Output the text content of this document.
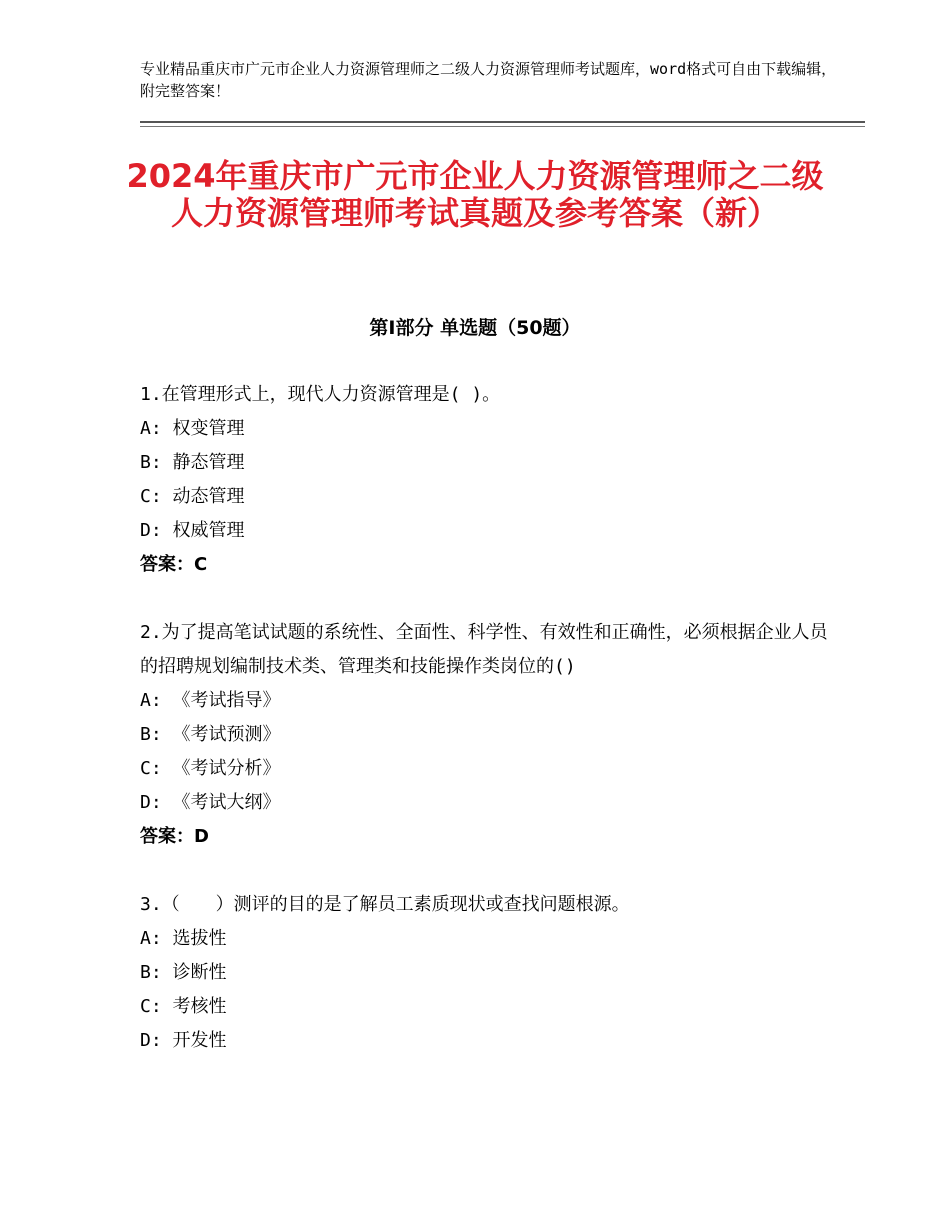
专业精品重庆市广元市企业人力资源管理师之二级人力资源管理师考试题库，word格式可自由下载编辑，附完整答案！
2024年重庆市广元市企业人力资源管理师之二级人力资源管理师考试真题及参考答案（新）
第Ⅰ部分 单选题（50题）
1.在管理形式上，现代人力资源管理是( )。
A: 权变管理
B: 静态管理
C: 动态管理
D: 权威管理
答案：C
2.为了提高笔试试题的系统性、全面性、科学性、有效性和正确性，必须根据企业人员的招聘规划编制技术类、管理类和技能操作类岗位的()
A: 《考试指导》
B: 《考试预测》
C: 《考试分析》
D: 《考试大纲》
答案：D
3.（　　）测评的目的是了解员工素质现状或查找问题根源。
A: 选拔性
B: 诊断性
C: 考核性
D: 开发性
